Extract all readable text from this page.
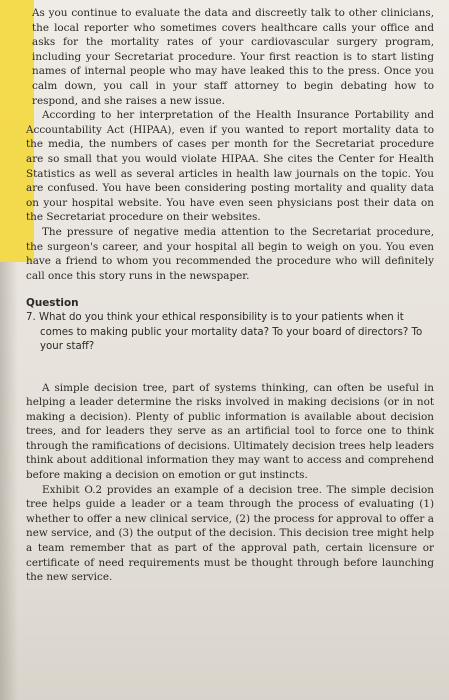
As you continue to evaluate the data and discreetly talk to other clinicians, the local reporter who sometimes covers healthcare calls your office and asks for the mortality rates of your cardiovascular surgery program, including your Secretariat procedure. Your first reaction is to start listing names of internal people who may have leaked this to the press. Once you calm down, you call in your staff attorney to begin debating how to respond, and she raises a new issue.

According to her interpretation of the Health Insurance Portability and Accountability Act (HIPAA), even if you wanted to report mortality data to the media, the numbers of cases per month for the Secretariat procedure are so small that you would violate HIPAA. She cites the Center for Health Statistics as well as several articles in health law journals on the topic. You are confused. You have been considering posting mortality and quality data on your hospital website. You have even seen physicians post their data on the Secretariat procedure on their websites.

The pressure of negative media attention to the Secretariat procedure, the surgeon's career, and your hospital all begin to weigh on you. You even have a friend to whom you recommended the procedure who will definitely call once this story runs in the newspaper.

Question

7. What do you think your ethical responsibility is to your patients when it comes to making public your mortality data? To your board of directors? To your staff?

A simple decision tree, part of systems thinking, can often be useful in helping a leader determine the risks involved in making decisions (or in not making a decision). Plenty of public information is available about decision trees, and for leaders they serve as an artificial tool to force one to think through the ramifications of decisions. Ultimately decision trees help leaders think about additional information they may want to access and comprehend before making a decision on emotion or gut instincts.

Exhibit O.2 provides an example of a decision tree. The simple decision tree helps guide a leader or a team through the process of evaluating (1) whether to offer a new clinical service, (2) the process for approval to offer a new service, and (3) the output of the decision. This decision tree might help a team remember that as part of the approval path, certain licensure or certificate of need requirements must be thought through before launching the new service.
